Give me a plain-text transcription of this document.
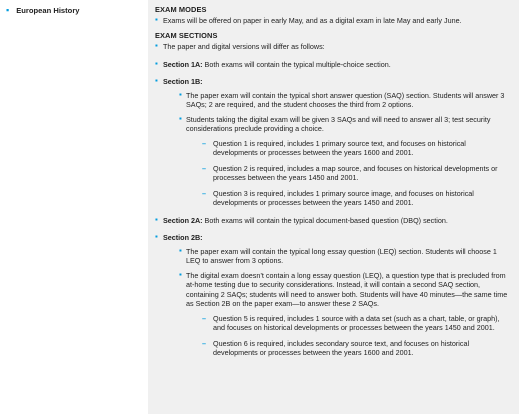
▪ European History	EXAM MODES
▪ Exams will be offered on paper in early May, and as a digital exam in late May and early June.
EXAM SECTIONS
▪ The paper and digital versions will differ as follows:
▪ Section 1A: Both exams will contain the typical multiple-choice section.
▪ Section 1B:
▪ The paper exam will contain the typical short answer question (SAQ) section. Students will answer 3 SAQs; 2 are required, and the student chooses the third from 2 options.
▪ Students taking the digital exam will be given 3 SAQs and will need to answer all 3; test security considerations preclude providing a choice.
– Question 1 is required, includes 1 primary source text, and focuses on historical developments or processes between the years 1600 and 2001.
– Question 2 is required, includes a map source, and focuses on historical developments or processes between the years 1450 and 2001.
– Question 3 is required, includes 1 primary source image, and focuses on historical developments or processes between the years 1450 and 2001.
▪ Section 2A: Both exams will contain the typical document-based question (DBQ) section.
▪ Section 2B:
▪ The paper exam will contain the typical long essay question (LEQ) section. Students will choose 1 LEQ to answer from 3 options.
▪ The digital exam doesn’t contain a long essay question (LEQ), a question type that is precluded from at-home testing due to security considerations. Instead, it will contain a second SAQ section, containing 2 SAQs; students will need to answer both. Students will have 40 minutes—the same time as Section 2B on the paper exam—to answer these 2 SAQs.
– Question 5 is required, includes 1 source with a data set (such as a chart, table, or graph), and focuses on historical developments or processes between the years 1450 and 2001.
– Question 6 is required, includes secondary source text, and focuses on historical developments or processes between the years 1600 and 2001.
